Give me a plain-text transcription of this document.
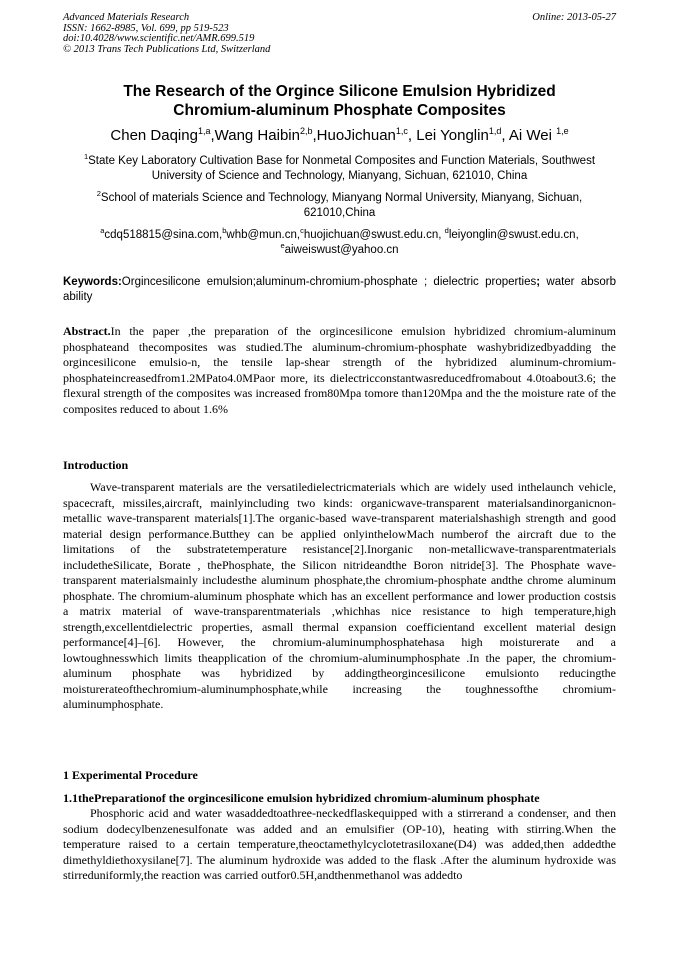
Advanced Materials Research
ISSN: 1662-8985, Vol. 699, pp 519-523
doi:10.4028/www.scientific.net/AMR.699.519
© 2013 Trans Tech Publications Ltd, Switzerland
Online: 2013-05-27
The Research of the Orgince Silicone Emulsion Hybridized
Chromium-aluminum Phosphate Composites
Chen Daqing$^{1,a}$,Wang Haibin$^{2,b}$,HuoJichuan$^{1,c}$, Lei Yonglin$^{1,d}$, Ai Wei $^{1,e}$
$^1$State Key Laboratory Cultivation Base for Nonmetal Composites and Function Materials, Southwest University of Science and Technology, Mianyang, Sichuan, 621010, China
$^2$School of materials Science and Technology, Mianyang Normal University, Mianyang, Sichuan, 621010,China
$^a$cdq518815@sina.com,$^b$whb@mun.cn,$^c$huojichuan@swust.edu.cn, $^d$leiyonglin@swust.edu.cn,
$^e$aiweiswust@yahoo.cn
Keywords:Orgincesilicone emulsion;aluminum-chromium-phosphate ; dielectric properties; water absorb ability
Abstract.In the paper ,the preparation of the orgincesilicone emulsion hybridized chromium-aluminum phosphateand thecomposites was studied.The aluminum-chromium-phosphate washybridizedbyadding the orgincesilicone emulsio-n, the tensile lap-shear strength of the hybridized aluminum-chromium-phosphateincreasedfrom1.2MPato4.0MPaor more, its dielectricconstantwasreducedfromabout 4.0toabout3.6; the flexural strength of the composites was increased from80Mpa tomore than120Mpa and the the moisture rate of the composites reduced to about 1.6%
Introduction
Wave-transparent materials are the versatiledielectricmaterials which are widely used inthelaunch vehicle, spacecraft, missiles,aircraft, mainlyincluding two kinds: organicwave-transparent materialsandinorganicnon-metallic wave-transparent materials[1].The organic-based wave-transparent materialshashigh strength and good material design performance.Butthey can be applied onlyinthelowMach numberof the aircraft due to the limitations of the substratetemperature resistance[2].Inorganic non-metallicwave-transparentmaterials includetheSilicate, Borate , thePhosphate, the Silicon nitrideandthe Boron nitride[3]. The Phosphate wave-transparent materialsmainly includesthe aluminum phosphate,the chromium-phosphate andthe chrome aluminum phosphate. The chromium-aluminum phosphate which has an excellent performance and lower production costsis a matrix material of wave-transparentmaterials ,whichhas nice resistance to high temperature,high strength,excellentdielectric properties, asmall thermal expansion coefficientand excellent material design performance[4]–[6]. However, the chromium-aluminumphosphatehasa high moisturerate and a lowtoughnesswhich limits theapplication of the chromium-aluminumphosphate .In the paper, the chromium-aluminum phosphate was hybridized by addingtheorgincesilicone emulsionto reducingthe moisturerateofthechromium-aluminumphosphate,while increasing the toughnessofthe chromium-aluminumphosphate.
1 Experimental Procedure
1.1thePreparationof the orgincesilicone emulsion hybridized chromium-aluminum phosphate
Phosphoric acid and water wasaddedtoathree-neckedflaskequipped with a stirrerand a condenser, and then sodium dodecylbenzenesulfonate was added and an emulsifier (OP-10), heating with stirring.When the temperature raised to a certain temperature,theoctamethylcyclotetrasiloxane(D4) was added,then addedthe dimethyldiethoxysilane[7]. The aluminum hydroxide was added to the flask .After the aluminum hydroxide was stirreduniformly,the reaction was carried outfor0.5H,andthenmethanol was addedto
